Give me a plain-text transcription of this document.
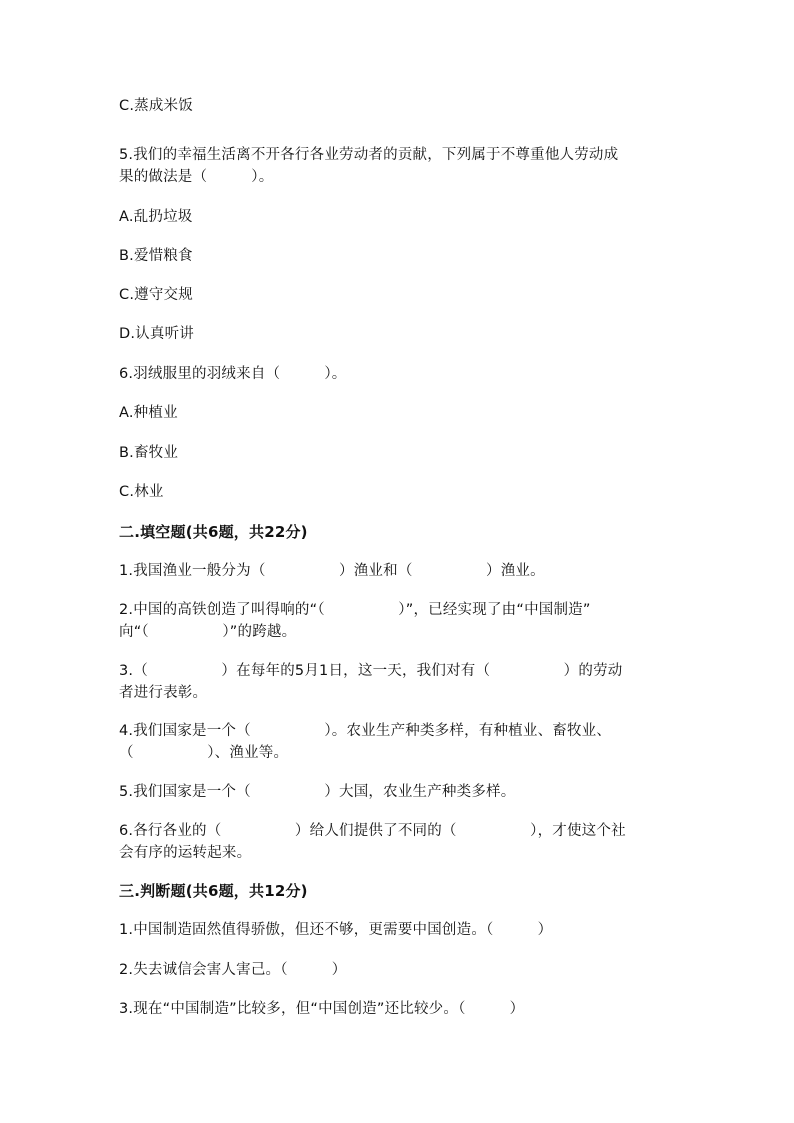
C.蒸成米饭
5.我们的幸福生活离不开各行各业劳动者的贡献，下列属于不尊重他人劳动成
果的做法是（　　　）。
A.乱扔垃圾
B.爱惜粮食
C.遵守交规
D.认真听讲
6.羽绒服里的羽绒来自（　　　）。
A.种植业
B.畜牧业
C.林业
二.填空题(共6题，共22分)
1.我国渔业一般分为（　　　　　）渔业和（　　　　　）渔业。
2.中国的高铁创造了叫得响的“（　　　　　）”，已经实现了由“中国制造”
向“（　　　　　）”的跨越。
3.（　　　　　）在每年的5月1日，这一天，我们对有（　　　　　）的劳动
者进行表彰。
4.我们国家是一个（　　　　　）。农业生产种类多样，有种植业、畜牧业、
（　　　　　）、渔业等。
5.我们国家是一个（　　　　　）大国，农业生产种类多样。
6.各行各业的（　　　　　）给人们提供了不同的（　　　　　），才使这个社
会有序的运转起来。
三.判断题(共6题，共12分)
1.中国制造固然值得骄傲，但还不够，更需要中国创造。（　　　）
2.失去诚信会害人害己。（　　　）
3.现在“中国制造”比较多，但“中国创造”还比较少。（　　　）
